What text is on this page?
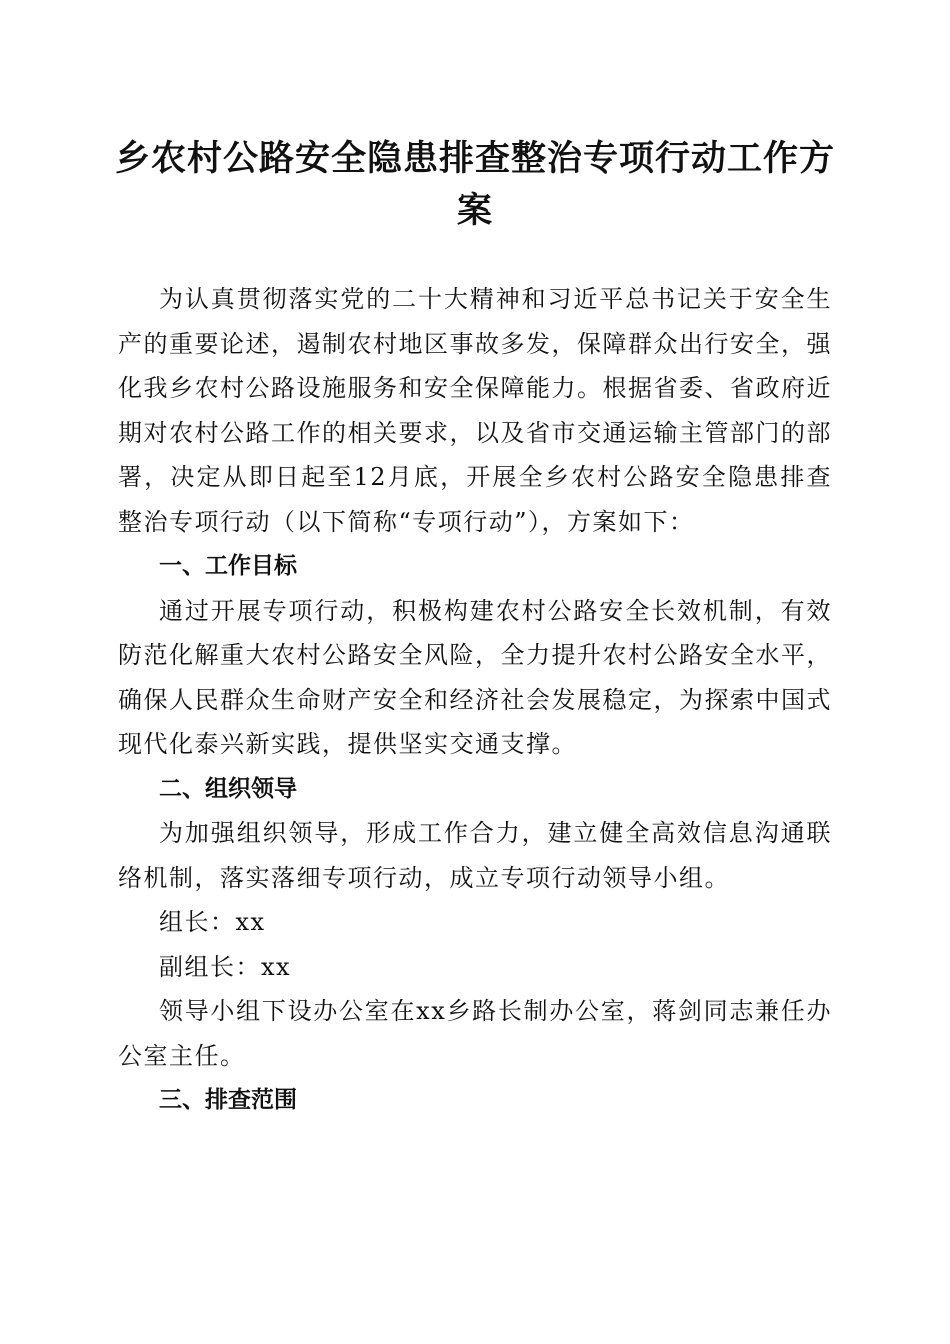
乡农村公路安全隐患排查整治专项行动工作方案

为认真贯彻落实党的二十大精神和习近平总书记关于安全生产的重要论述，遏制农村地区事故多发，保障群众出行安全，强化我乡农村公路设施服务和安全保障能力。根据省委、省政府近期对农村公路工作的相关要求，以及省市交通运输主管部门的部署，决定从即日起至12月底，开展全乡农村公路安全隐患排查整治专项行动（以下简称“专项行动”），方案如下：

一、工作目标

通过开展专项行动，积极构建农村公路安全长效机制，有效防范化解重大农村公路安全风险，全力提升农村公路安全水平，确保人民群众生命财产安全和经济社会发展稳定，为探索中国式现代化泰兴新实践，提供坚实交通支撑。

二、组织领导

为加强组织领导，形成工作合力，建立健全高效信息沟通联络机制，落实落细专项行动，成立专项行动领导小组。

组长：xx

副组长：xx

领导小组下设办公室在xx乡路长制办公室，蒋剑同志兼任办公室主任。

三、排查范围
